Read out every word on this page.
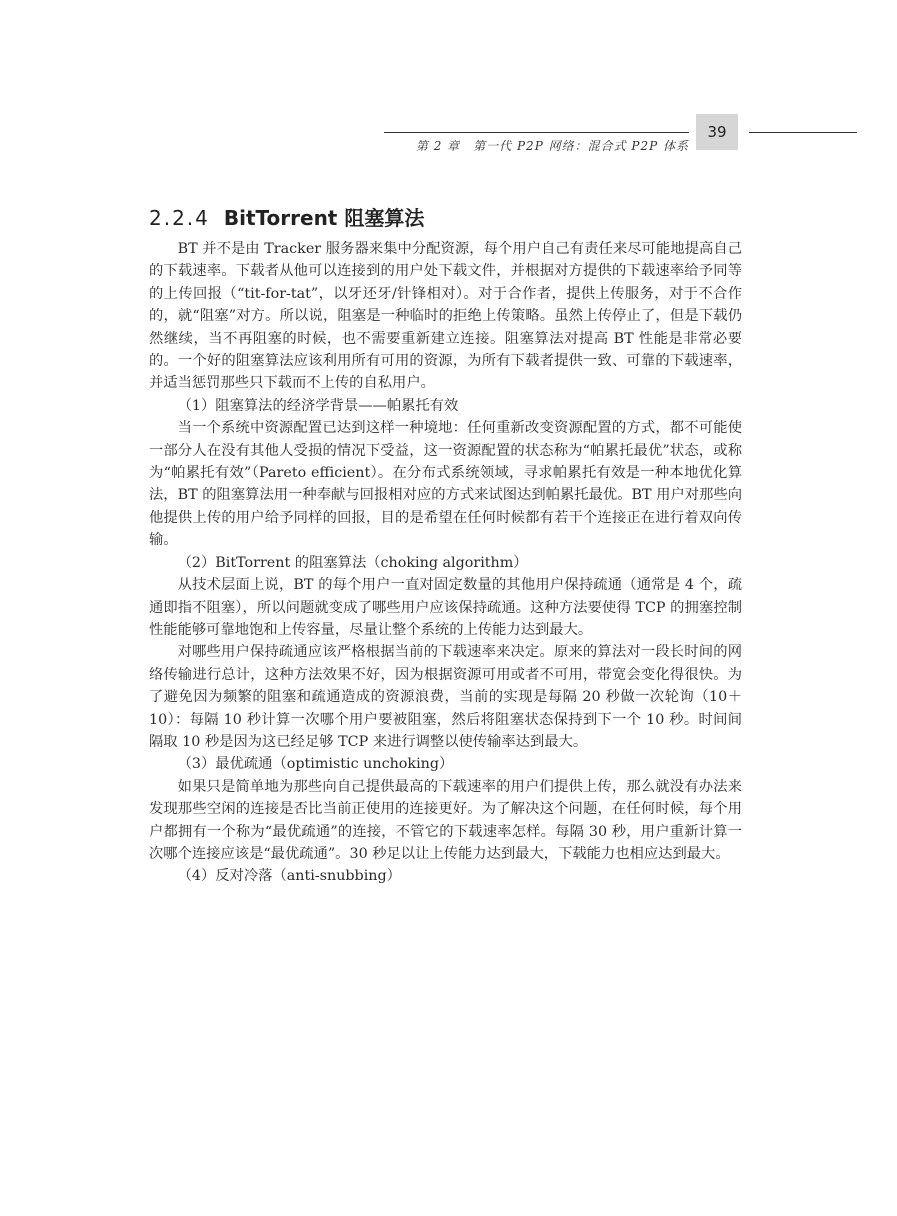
第 2 章　第一代 P2P 网络：混合式 P2P 体系
39
2.2.4 BitTorrent 阻塞算法

BT 并不是由 Tracker 服务器来集中分配资源，每个用户自己有责任来尽可能地提高自己的下载速率。下载者从他可以连接到的用户处下载文件，并根据对方提供的下载速率给予同等的上传回报（“tit-for-tat”，以牙还牙/针锋相对）。对于合作者，提供上传服务，对于不合作的，就“阻塞”对方。所以说，阻塞是一种临时的拒绝上传策略。虽然上传停止了，但是下载仍然继续，当不再阻塞的时候，也不需要重新建立连接。阻塞算法对提高 BT 性能是非常必要的。一个好的阻塞算法应该利用所有可用的资源，为所有下载者提供一致、可靠的下载速率，并适当惩罚那些只下载而不上传的自私用户。

（1）阻塞算法的经济学背景——帕累托有效

当一个系统中资源配置已达到这样一种境地：任何重新改变资源配置的方式，都不可能使一部分人在没有其他人受损的情况下受益，这一资源配置的状态称为“帕累托最优”状态，或称为“帕累托有效”（Pareto efficient）。在分布式系统领域，寻求帕累托有效是一种本地优化算法，BT 的阻塞算法用一种奉献与回报相对应的方式来试图达到帕累托最优。BT 用户对那些向他提供上传的用户给予同样的回报，目的是希望在任何时候都有若干个连接正在进行着双向传输。

（2）BitTorrent 的阻塞算法（choking algorithm）

从技术层面上说，BT 的每个用户一直对固定数量的其他用户保持疏通（通常是 4 个，疏通即指不阻塞），所以问题就变成了哪些用户应该保持疏通。这种方法要使得 TCP 的拥塞控制性能能够可靠地饱和上传容量，尽量让整个系统的上传能力达到最大。

对哪些用户保持疏通应该严格根据当前的下载速率来决定。原来的算法对一段长时间的网络传输进行总计，这种方法效果不好，因为根据资源可用或者不可用，带宽会变化得很快。为了避免因为频繁的阻塞和疏通造成的资源浪费，当前的实现是每隔 20 秒做一次轮询（10＋10）：每隔 10 秒计算一次哪个用户要被阻塞，然后将阻塞状态保持到下一个 10 秒。时间间隔取 10 秒是因为这已经足够 TCP 来进行调整以使传输率达到最大。

（3）最优疏通（optimistic unchoking）

如果只是简单地为那些向自己提供最高的下载速率的用户们提供上传，那么就没有办法来发现那些空闲的连接是否比当前正使用的连接更好。为了解决这个问题，在任何时候，每个用户都拥有一个称为“最优疏通”的连接，不管它的下载速率怎样。每隔 30 秒，用户重新计算一次哪个连接应该是“最优疏通”。30 秒足以让上传能力达到最大，下载能力也相应达到最大。

（4）反对冷落（anti-snubbing）
